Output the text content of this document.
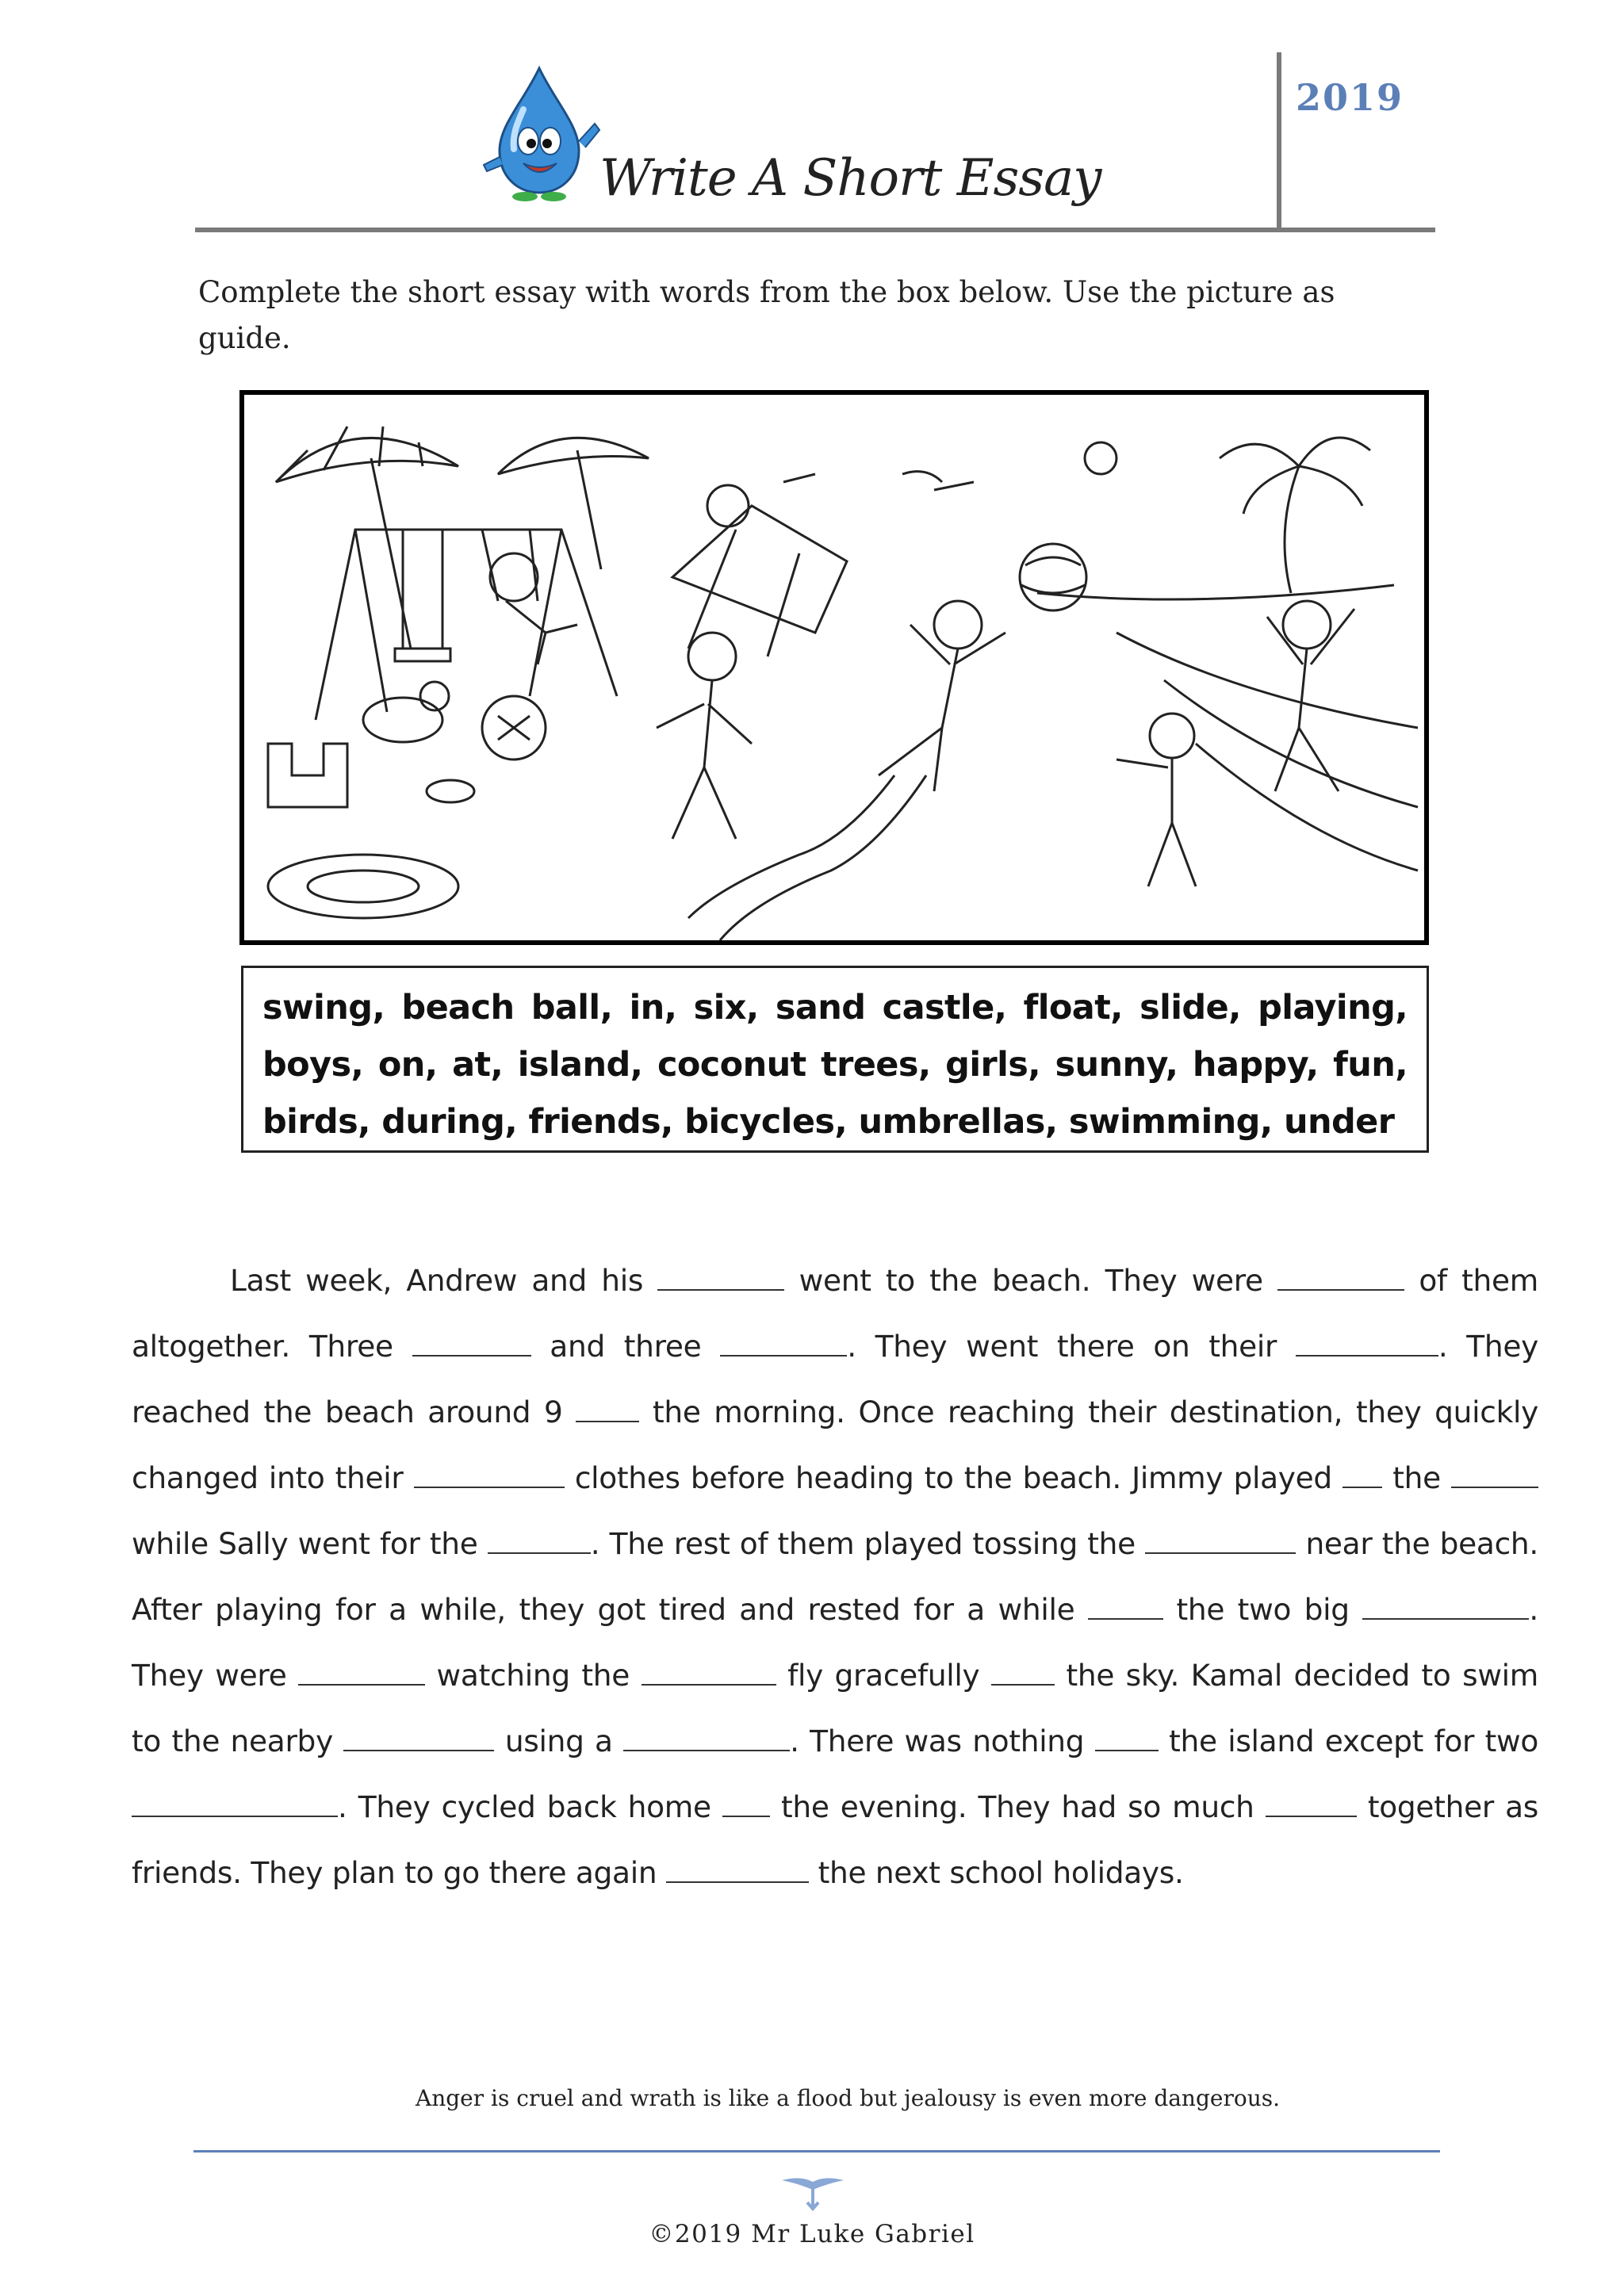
Write A Short Essay
2019
Complete the short essay with words from the box below. Use the picture as guide.
swing, beach ball, in, six, sand castle, float, slide, playing, boys, on, at, island, coconut trees, girls, sunny, happy, fun, birds, during, friends, bicycles, umbrellas, swimming, under
Last week, Andrew and his	went to the beach. They were	of them altogether. Three	and three	. They went there on their	. They reached the beach around 9	the morning. Once reaching their destination, they quickly changed into their	clothes before heading to the beach. Jimmy played the  while Sally went for the	. The rest of them played tossing the	near the beach. After playing for a while, they got tired and rested for a while	the two big	. They were	watching the	fly gracefully	the sky. Kamal decided to swim to the nearby	using a	. There was nothing	the island except for two . They cycled back home the evening. They had so much	together as friends. They plan to go there again	the next school holidays.
Anger is cruel and wrath is like a flood but jealousy is even more dangerous.
©2019 Mr Luke Gabriel
